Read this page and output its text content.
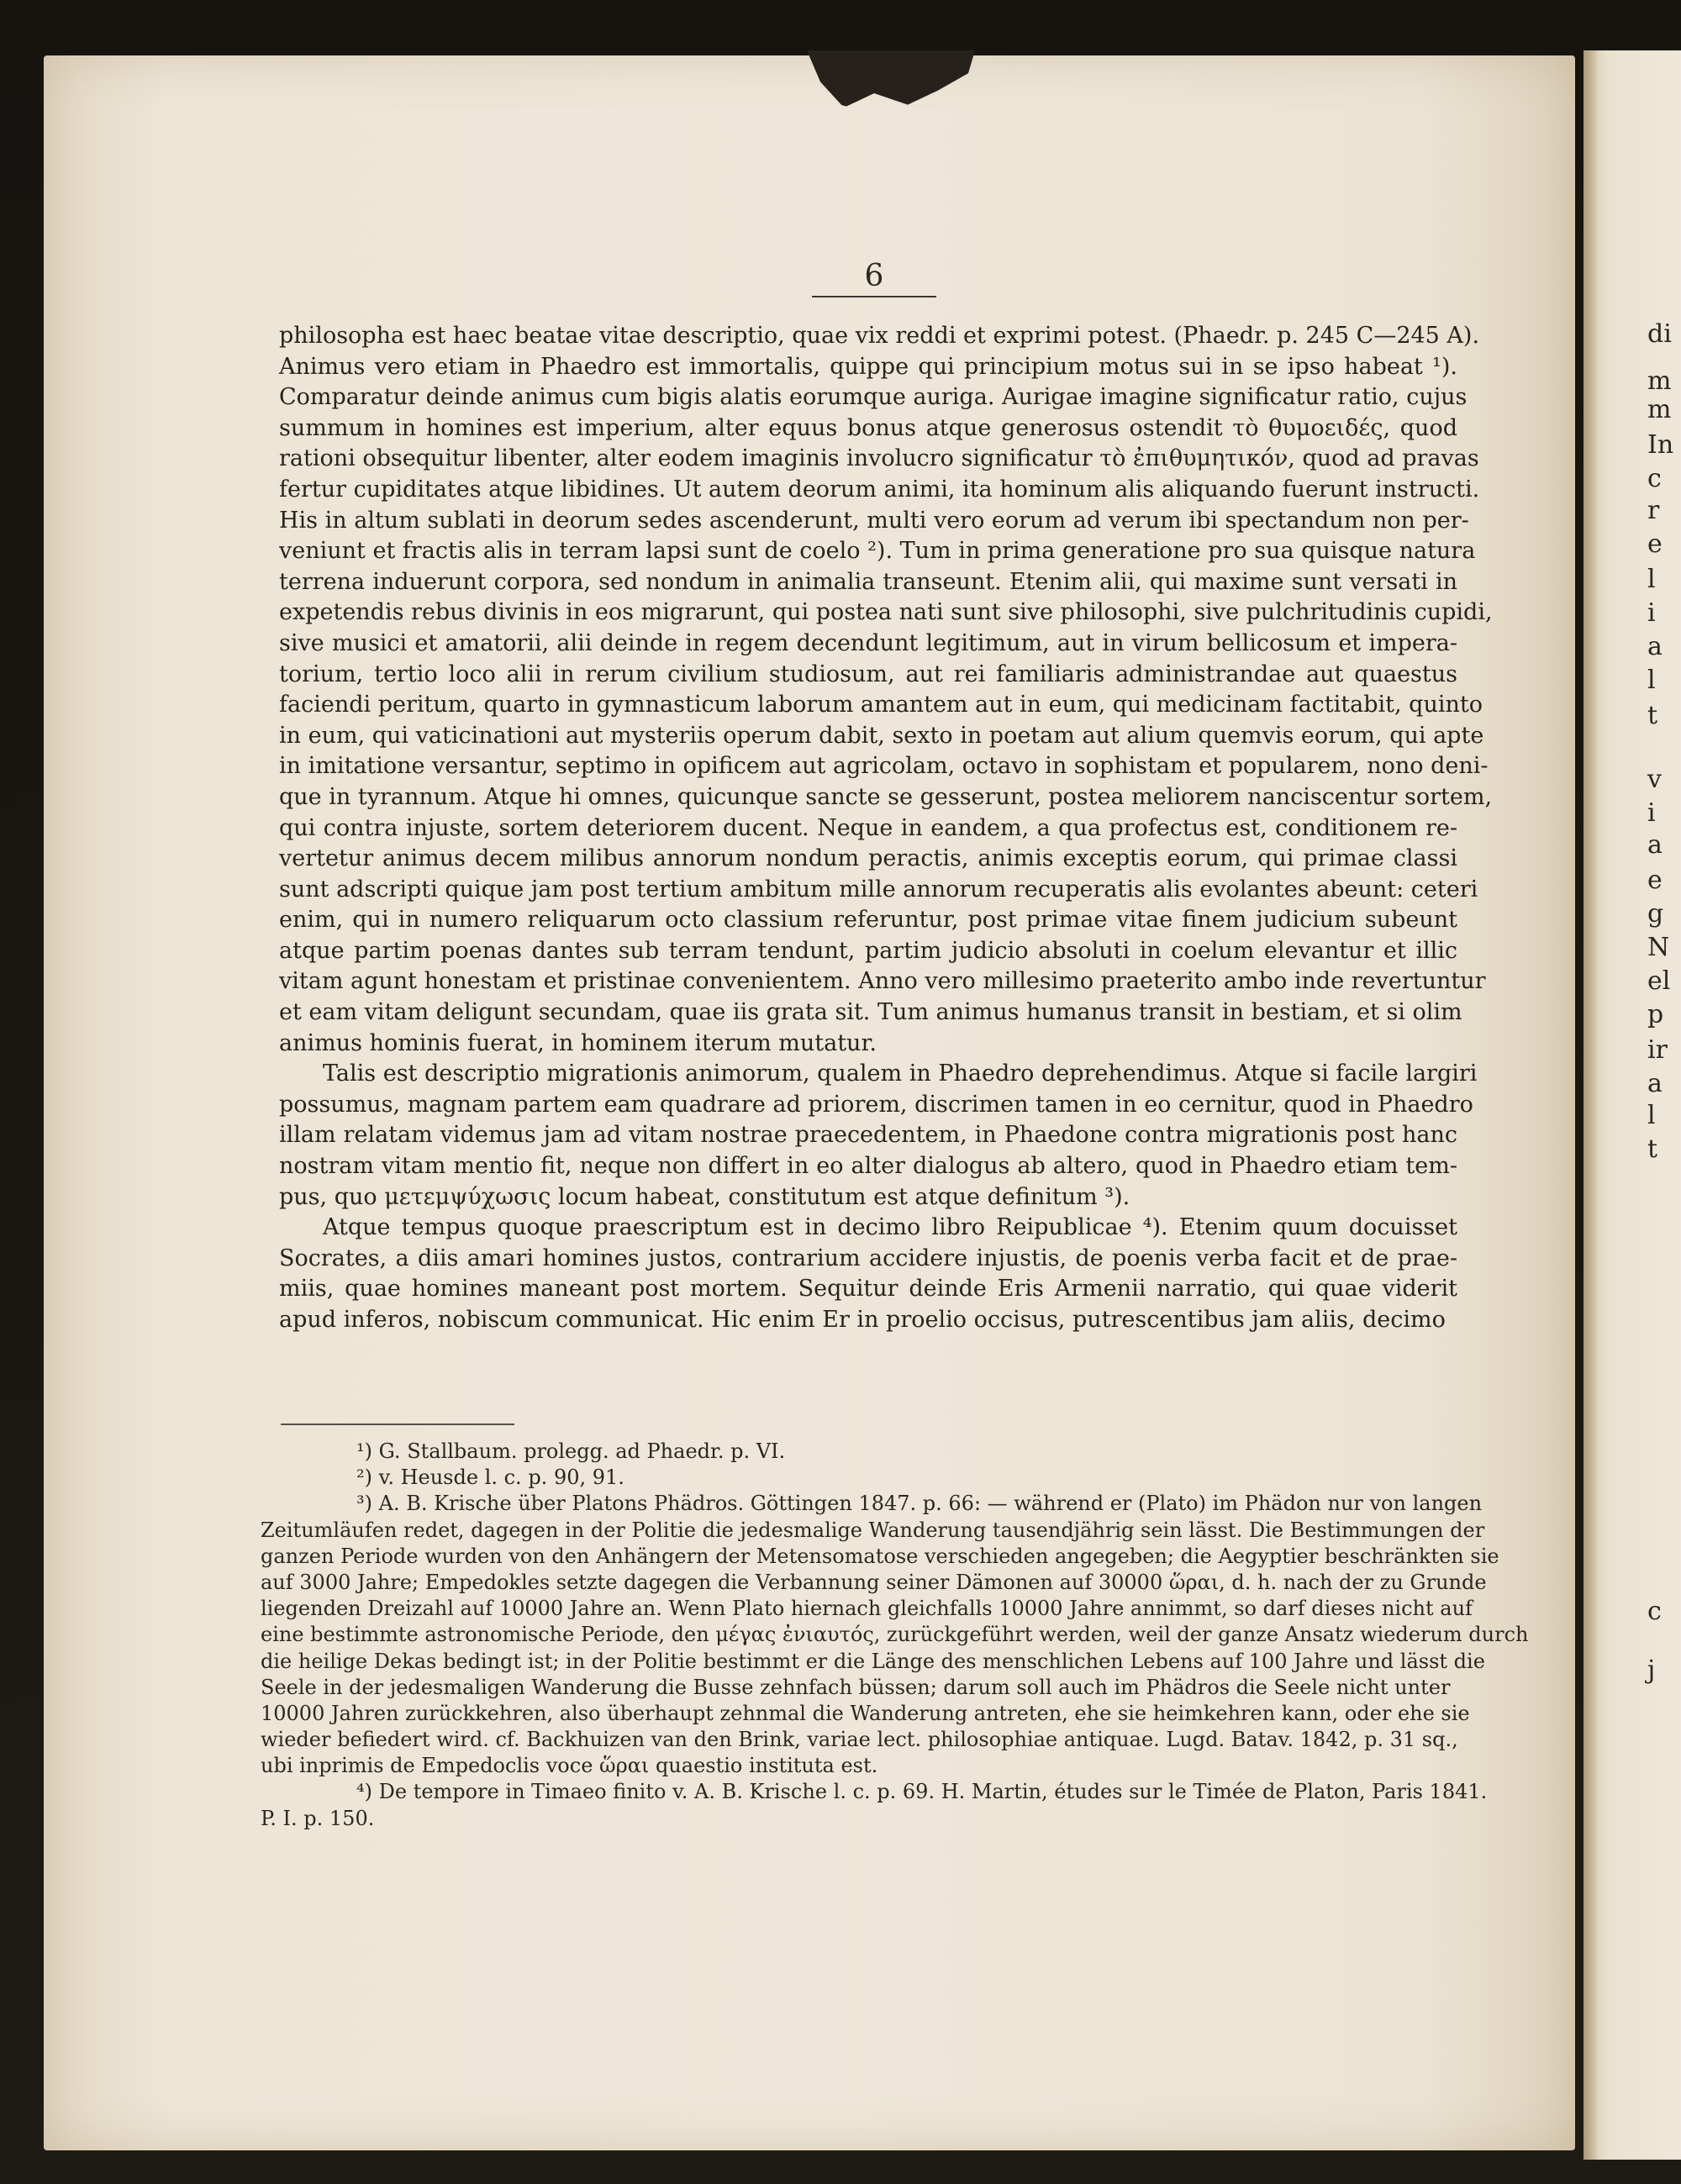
6
philosopha est haec beatae vitae descriptio, quae vix reddi et exprimi potest. (Phaedr. p. 245 C—245 A).
Animus vero etiam in Phaedro est immortalis, quippe qui principium motus sui in se ipso habeat ¹).
Comparatur deinde animus cum bigis alatis eorumque auriga. Aurigae imagine significatur ratio, cujus
summum in homines est imperium, alter equus bonus atque generosus ostendit τὸ θυμοειδές, quod
rationi obsequitur libenter, alter eodem imaginis involucro significatur τὸ ἐπιθυμητικόν, quod ad pravas
fertur cupiditates atque libidines. Ut autem deorum animi, ita hominum alis aliquando fuerunt instructi.
His in altum sublati in deorum sedes ascenderunt, multi vero eorum ad verum ibi spectandum non per-
veniunt et fractis alis in terram lapsi sunt de coelo ²). Tum in prima generatione pro sua quisque natura
terrena induerunt corpora, sed nondum in animalia transeunt. Etenim alii, qui maxime sunt versati in
expetendis rebus divinis in eos migrarunt, qui postea nati sunt sive philosophi, sive pulchritudinis cupidi,
sive musici et amatorii, alii deinde in regem decendunt legitimum, aut in virum bellicosum et impera-
torium, tertio loco alii in rerum civilium studiosum, aut rei familiaris administrandae aut quaestus
faciendi peritum, quarto in gymnasticum laborum amantem aut in eum, qui medicinam factitabit, quinto
in eum, qui vaticinationi aut mysteriis operum dabit, sexto in poetam aut alium quemvis eorum, qui apte
in imitatione versantur, septimo in opificem aut agricolam, octavo in sophistam et popularem, nono deni-
que in tyrannum. Atque hi omnes, quicunque sancte se gesserunt, postea meliorem nanciscentur sortem,
qui contra injuste, sortem deteriorem ducent. Neque in eandem, a qua profectus est, conditionem re-
vertetur animus decem milibus annorum nondum peractis, animis exceptis eorum, qui primae classi
sunt adscripti quique jam post tertium ambitum mille annorum recuperatis alis evolantes abeunt: ceteri
enim, qui in numero reliquarum octo classium referuntur, post primae vitae finem judicium subeunt
atque partim poenas dantes sub terram tendunt, partim judicio absoluti in coelum elevantur et illic
vitam agunt honestam et pristinae convenientem. Anno vero millesimo praeterito ambo inde revertuntur
et eam vitam deligunt secundam, quae iis grata sit. Tum animus humanus transit in bestiam, et si olim
animus hominis fuerat, in hominem iterum mutatur.
Talis est descriptio migrationis animorum, qualem in Phaedro deprehendimus. Atque si facile largiri
possumus, magnam partem eam quadrare ad priorem, discrimen tamen in eo cernitur, quod in Phaedro
illam relatam videmus jam ad vitam nostrae praecedentem, in Phaedone contra migrationis post hanc
nostram vitam mentio fit, neque non differt in eo alter dialogus ab altero, quod in Phaedro etiam tem-
pus, quo μετεμψύχωσις locum habeat, constitutum est atque definitum ³).
Atque tempus quoque praescriptum est in decimo libro Reipublicae ⁴). Etenim quum docuisset
Socrates, a diis amari homines justos, contrarium accidere injustis, de poenis verba facit et de prae-
miis, quae homines maneant post mortem. Sequitur deinde Eris Armenii narratio, qui quae viderit
apud inferos, nobiscum communicat. Hic enim Er in proelio occisus, putrescentibus jam aliis, decimo
¹) G. Stallbaum. prolegg. ad Phaedr. p. VI.
²) v. Heusde l. c. p. 90, 91.
³) A. B. Krische über Platons Phädros. Göttingen 1847. p. 66: — während er (Plato) im Phädon nur von langen
Zeitumläufen redet, dagegen in der Politie die jedesmalige Wanderung tausendjährig sein lässt. Die Bestimmungen der
ganzen Periode wurden von den Anhängern der Metensomatose verschieden angegeben; die Aegyptier beschränkten sie
auf 3000 Jahre; Empedokles setzte dagegen die Verbannung seiner Dämonen auf 30000 ὥραι, d. h. nach der zu Grunde
liegenden Dreizahl auf 10000 Jahre an. Wenn Plato hiernach gleichfalls 10000 Jahre annimmt, so darf dieses nicht auf
eine bestimmte astronomische Periode, den μέγας ἐνιαυτός, zurückgeführt werden, weil der ganze Ansatz wiederum durch
die heilige Dekas bedingt ist; in der Politie bestimmt er die Länge des menschlichen Lebens auf 100 Jahre und lässt die
Seele in der jedesmaligen Wanderung die Busse zehnfach büssen; darum soll auch im Phädros die Seele nicht unter
10000 Jahren zurückkehren, also überhaupt zehnmal die Wanderung antreten, ehe sie heimkehren kann, oder ehe sie
wieder befiedert wird. cf. Backhuizen van den Brink, variae lect. philosophiae antiquae. Lugd. Batav. 1842, p. 31 sq.,
ubi inprimis de Empedoclis voce ὥραι quaestio instituta est.
⁴) De tempore in Timaeo finito v. A. B. Krische l. c. p. 69. H. Martin, études sur le Timée de Platon, Paris 1841.
P. I. p. 150.
di
m
m
In
c
r
e
l
i
a
l
t
v
i
a
e
g
N
el
p
ir
a
l
t
c
j
